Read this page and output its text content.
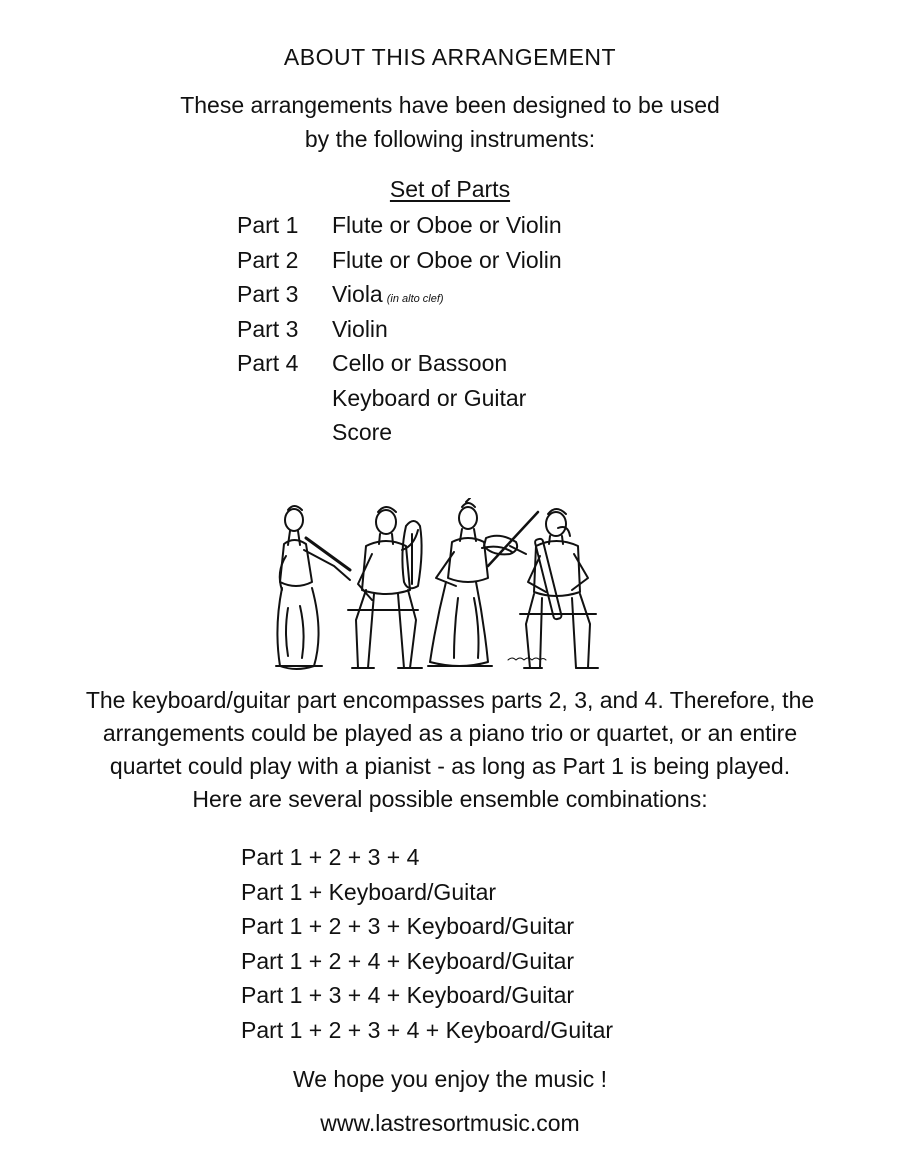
ABOUT THIS ARRANGEMENT
These arrangements have been designed to be used
by the following instruments:
Set of Parts
Part 1 Flute or Oboe or Violin
Part 2 Flute or Oboe or Violin
Part 3 Viola (in alto clef)
Part 3 Violin
Part 4 Cello or Bassoon
Keyboard or Guitar
Score
The keyboard/guitar part encompasses parts 2, 3, and 4. Therefore, the
arrangements could be played as a piano trio or quartet, or an entire
quartet could play with a pianist - as long as Part 1 is being played.
Here are several possible ensemble combinations:
Part 1 + 2 + 3 + 4
Part 1 + Keyboard/Guitar
Part 1 + 2 + 3 + Keyboard/Guitar
Part 1 + 2 + 4 + Keyboard/Guitar
Part 1 + 3 + 4 + Keyboard/Guitar
Part 1 + 2 + 3 + 4 + Keyboard/Guitar
We hope you enjoy the music !
www.lastresortmusic.com
